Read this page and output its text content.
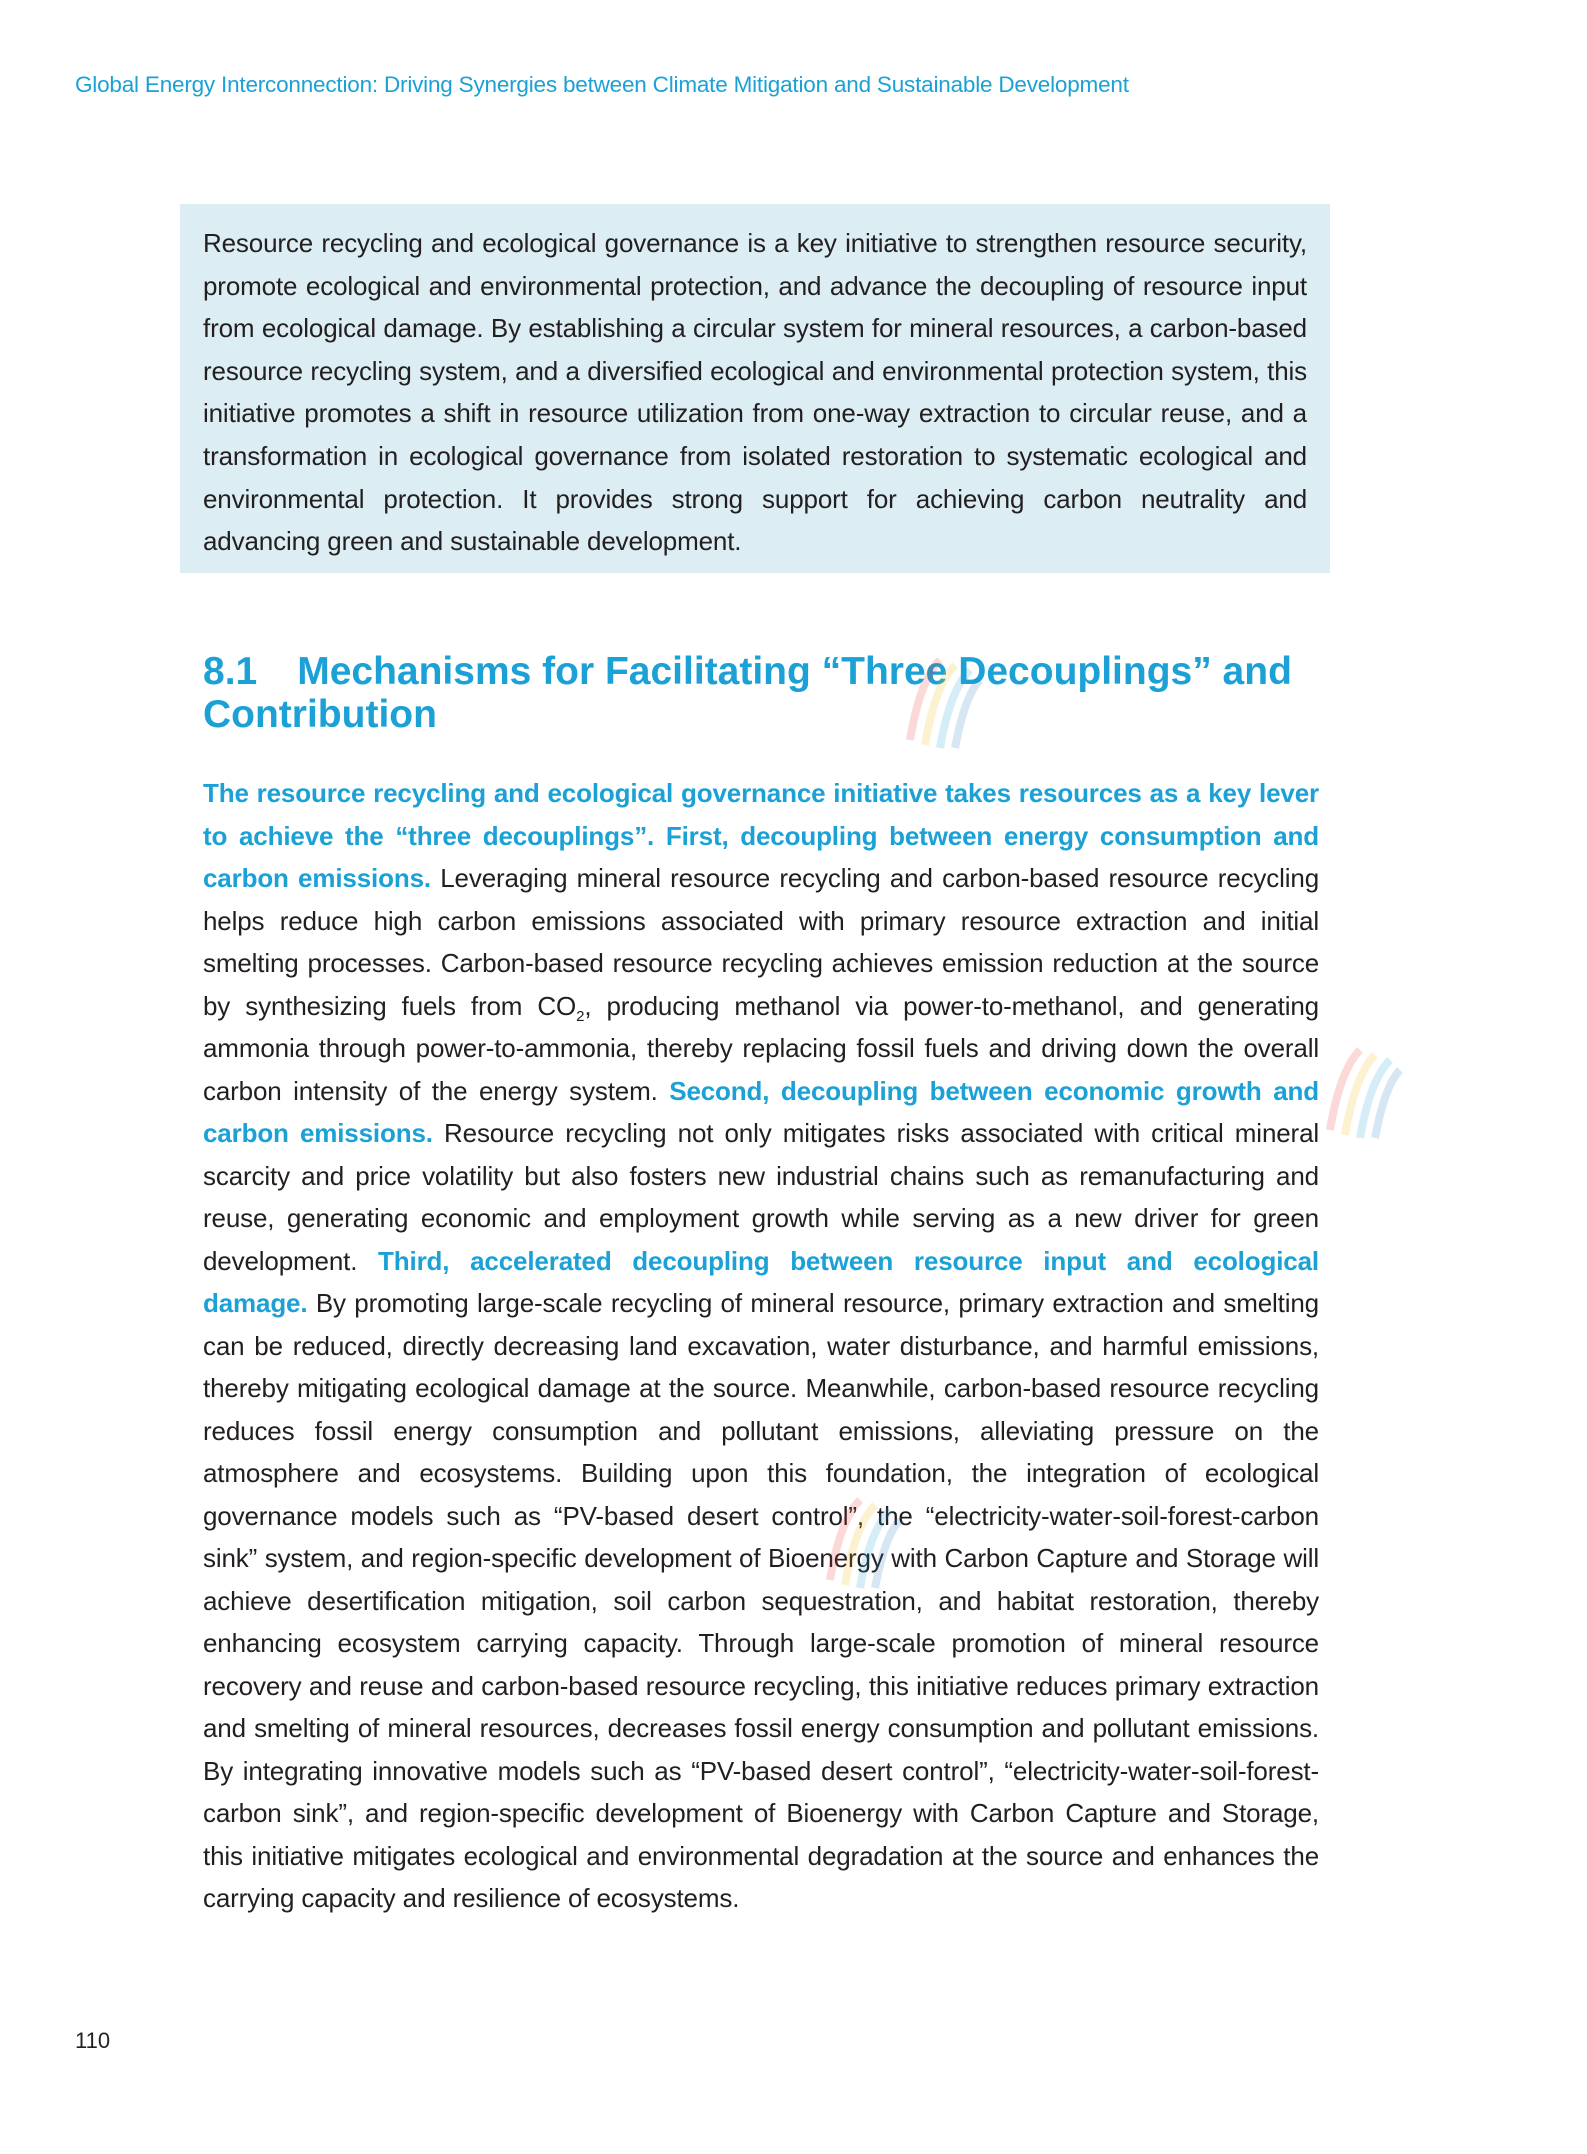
Global Energy Interconnection: Driving Synergies between Climate Mitigation and Sustainable Development

Resource recycling and ecological governance is a key initiative to strengthen resource security, promote ecological and environmental protection, and advance the decoupling of resource input from ecological damage. By establishing a circular system for mineral resources, a carbon-based resource recycling system, and a diversified ecological and environmental protection system, this initiative promotes a shift in resource utilization from one-way extraction to circular reuse, and a transformation in ecological governance from isolated restoration to systematic ecological and environmental protection. It provides strong support for achieving carbon neutrality and advancing green and sustainable development.

8.1 Mechanisms for Facilitating “Three Decouplings” and Contribution

The resource recycling and ecological governance initiative takes resources as a key lever to achieve the “three decouplings”. First, decoupling between energy consumption and carbon emissions. Leveraging mineral resource recycling and carbon-based resource recycling helps reduce high carbon emissions associated with primary resource extraction and initial smelting processes. Carbon-based resource recycling achieves emission reduction at the source by synthesizing fuels from $CO_2$, producing methanol via power-to-methanol, and generating ammonia through power-to-ammonia, thereby replacing fossil fuels and driving down the overall carbon intensity of the energy system. Second, decoupling between economic growth and carbon emissions. Resource recycling not only mitigates risks associated with critical mineral scarcity and price volatility but also fosters new industrial chains such as remanufacturing and reuse, generating economic and employment growth while serving as a new driver for green development. Third, accelerated decoupling between resource input and ecological damage. By promoting large-scale recycling of mineral resource, primary extraction and smelting can be reduced, directly decreasing land excavation, water disturbance, and harmful emissions, thereby mitigating ecological damage at the source. Meanwhile, carbon-based resource recycling reduces fossil energy consumption and pollutant emissions, alleviating pressure on the atmosphere and ecosystems. Building upon this foundation, the integration of ecological governance models such as “PV-based desert control”, the “electricity-water-soil-forest-carbon sink” system, and region-specific development of Bioenergy with Carbon Capture and Storage will achieve desertification mitigation, soil carbon sequestration, and habitat restoration, thereby enhancing ecosystem carrying capacity. Through large-scale promotion of mineral resource recovery and reuse and carbon-based resource recycling, this initiative reduces primary extraction and smelting of mineral resources, decreases fossil energy consumption and pollutant emissions. By integrating innovative models such as “PV-based desert control”, “electricity-water-soil-forest-carbon sink”, and region-specific development of Bioenergy with Carbon Capture and Storage, this initiative mitigates ecological and environmental degradation at the source and enhances the carrying capacity and resilience of ecosystems.

110
